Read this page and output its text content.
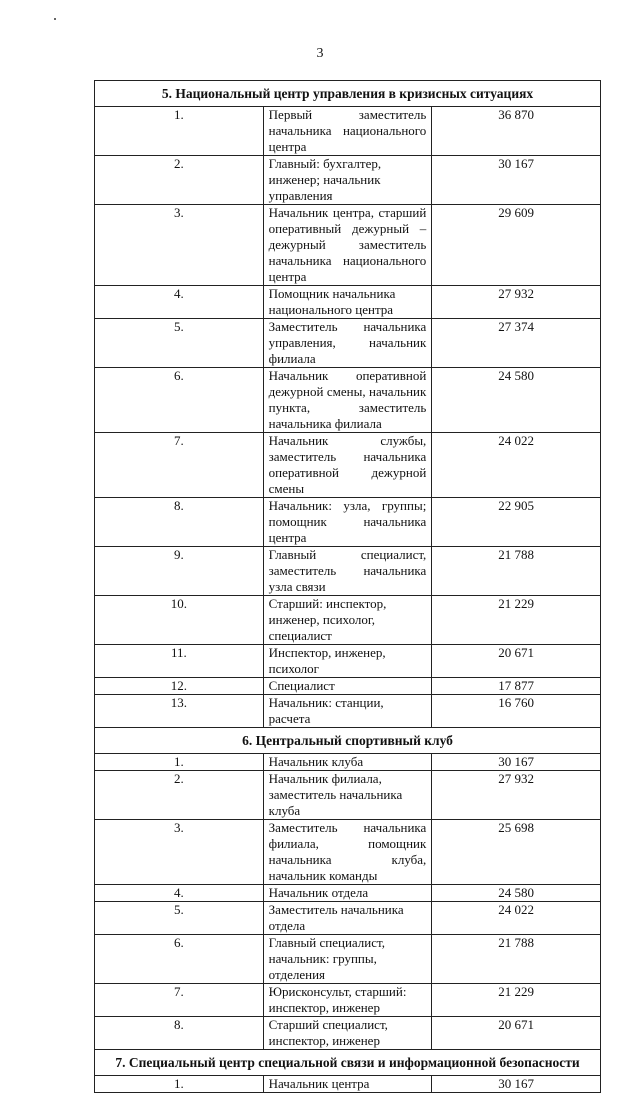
3
5. Национальный центр управления в кризисных ситуациях		
1.	Первый заместитель начальника национального центра	36 870
2.	Главный: бухгалтер, инженер; начальник управления	30 167
3.	Начальник центра, старший оперативный дежурный – дежурный заместитель начальника национального центра	29 609
4.	Помощник начальника национального центра	27 932
5.	Заместитель начальника управления, начальник филиала	27 374
6.	Начальник оперативной дежурной смены, начальник пункта, заместитель начальника филиала	24 580
7.	Начальник службы, заместитель начальника оперативной дежурной смены	24 022
8.	Начальник: узла, группы; помощник начальника центра	22 905
9.	Главный специалист, заместитель начальника узла связи	21 788
10.	Старший: инспектор, инженер, психолог, специалист	21 229
11.	Инспектор, инженер, психолог	20 671
12.	Специалист	17 877
13.	Начальник: станции, расчета	16 760
6. Центральный спортивный клуб		
1.	Начальник клуба	30 167
2.	Начальник филиала, заместитель начальника клуба	27 932
3.	Заместитель начальника филиала, помощник начальника клуба, начальник команды	25 698
4.	Начальник отдела	24 580
5.	Заместитель начальника отдела	24 022
6.	Главный специалист, начальник: группы, отделения	21 788
7.	Юрисконсульт, старший: инспектор, инженер	21 229
8.	Старший специалист, инспектор, инженер	20 671
7. Специальный центр специальной связи и информационной безопасности		
1.	Начальник центра	30 167
